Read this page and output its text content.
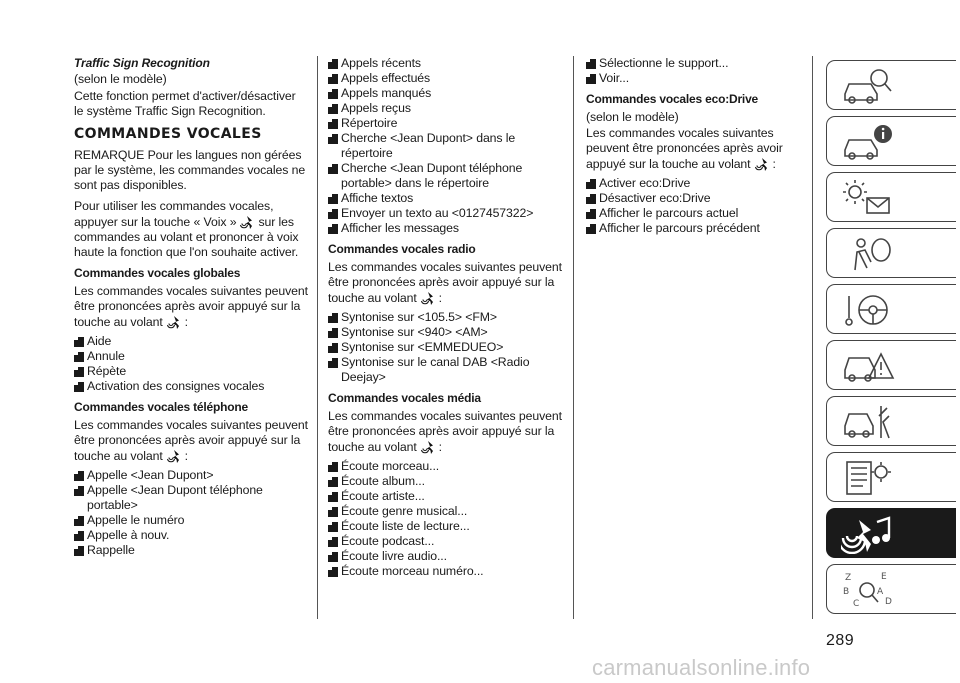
Traffic Sign Recognition

(selon le modèle)

Cette fonction permet d'activer/désactiver le système Traffic Sign Recognition.

COMMANDES VOCALES

REMARQUE Pour les langues non gérées par le système, les commandes vocales ne sont pas disponibles.

Pour utiliser les commandes vocales, appuyer sur la touche « Voix » sur les commandes au volant et prononcer à voix haute la fonction que l'on souhaite activer.

Commandes vocales globales

Les commandes vocales suivantes peuvent être prononcées après avoir appuyé sur la touche au volant :

Aide
Annule
Répète
Activation des consignes vocales
Commandes vocales téléphone

Les commandes vocales suivantes peuvent être prononcées après avoir appuyé sur la touche au volant :

Appelle <Jean Dupont>
Appelle <Jean Dupont téléphone portable>
Appelle le numéro
Appelle à nouv.
Rappelle
Appels récents
Appels effectués
Appels manqués
Appels reçus
Répertoire
Cherche <Jean Dupont> dans le répertoire
Cherche <Jean Dupont téléphone portable> dans le répertoire
Affiche textos
Envoyer un texto au <0127457322>
Afficher les messages
Commandes vocales radio

Les commandes vocales suivantes peuvent être prononcées après avoir appuyé sur la touche au volant :

Syntonise sur <105.5> <FM>
Syntonise sur <940> <AM>
Syntonise sur <EMMEDUEO>
Syntonise sur le canal DAB <Radio Deejay>
Commandes vocales média

Les commandes vocales suivantes peuvent être prononcées après avoir appuyé sur la touche au volant :

Écoute morceau...
Écoute album...
Écoute artiste...
Écoute genre musical...
Écoute liste de lecture...
Écoute podcast...
Écoute livre audio...
Écoute morceau numéro...
Sélectionne le support...
Voir...
Commandes vocales eco:Drive

(selon le modèle)

Les commandes vocales suivantes peuvent être prononcées après avoir appuyé sur la touche au volant :

Activer eco:Drive
Désactiver eco:Drive
Afficher le parcours actuel
Afficher le parcours précédent
Z	E
B	A
C	D
289
carmanualsonline.info
